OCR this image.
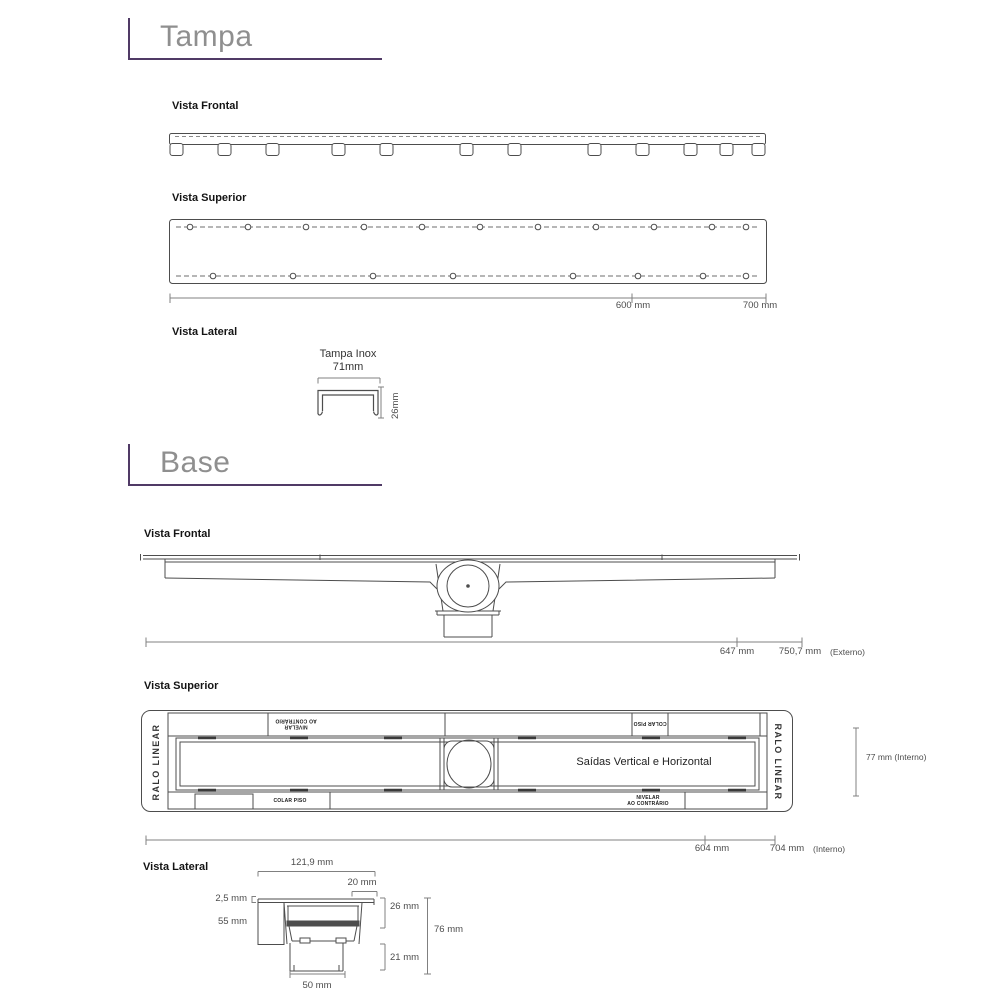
Tampa
Vista Frontal
Vista Superior
600 mm	700 mm
Vista Lateral
Tampa Inox
71mm
26mm
Base
Vista Frontal
647 mm	750,7 mm (Externo)
Vista Superior
RALO LINEAR	RALO LINEAR
NIVELAR
AO CONTRÁRIO
COLAR PISO
COLAR PISO
NIVELAR
AO CONTRÁRIO
Saídas Vertical e Horizontal	77 mm (Interno)
604 mm	704 mm (Interno)
Vista Lateral	121,9 mm
20 mm
2,5 mm
55 mm
26 mm
76 mm
21 mm
50 mm
